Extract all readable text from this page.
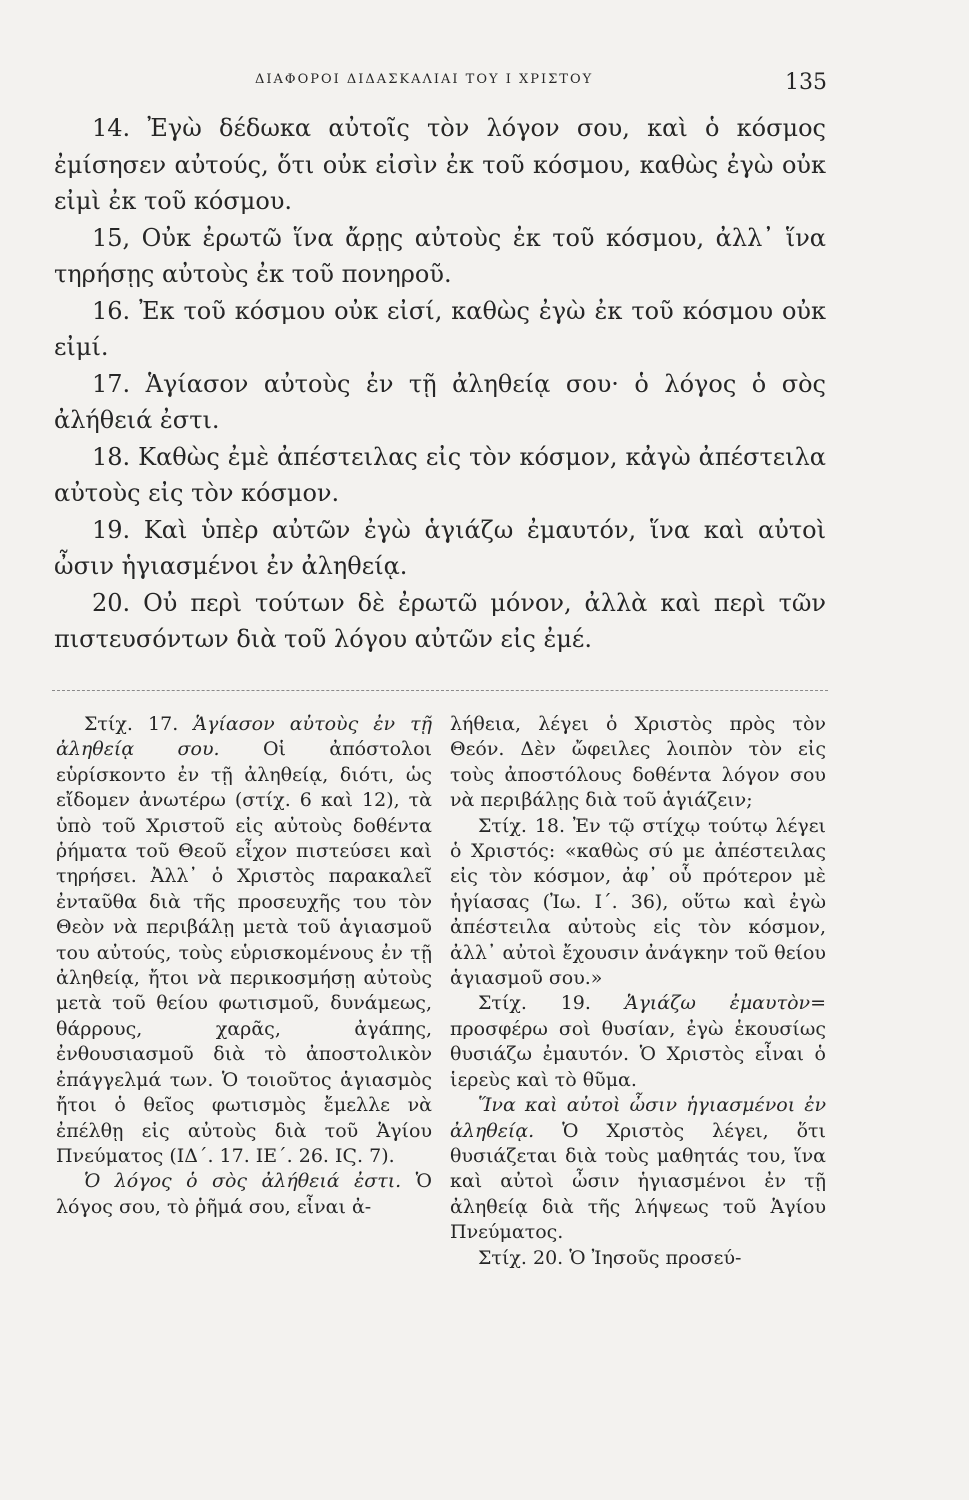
ΔΙΑΦΟΡΟΙ ΔΙΔΑΣΚΑΛΙΑΙ ΤΟΥ Ι ΧΡΙΣΤΟΥ	135

14. Ἐγὼ δέδωκα αὐτοῖς τὸν λόγον σου, καὶ ὁ κόσμος ἐμίσησεν αὐτούς, ὅτι οὐκ εἰσὶν ἐκ τοῦ κόσμου, καθὼς ἐγὼ οὐκ εἰμὶ ἐκ τοῦ κόσμου.

15, Οὐκ ἐρωτῶ ἵνα ἄρῃς αὐτοὺς ἐκ τοῦ κόσμου, ἀλλ᾽ ἵνα τηρήσῃς αὐτοὺς ἐκ τοῦ πονηροῦ.

16. Ἐκ τοῦ κόσμου οὐκ εἰσί, καθὼς ἐγὼ ἐκ τοῦ κόσμου οὐκ εἰμί.

17. Ἁγίασον αὐτοὺς ἐν τῇ ἀληθείᾳ σου· ὁ λόγος ὁ σὸς ἀλήθειά ἐστι.

18. Καθὼς ἐμὲ ἀπέστειλας εἰς τὸν κόσμον, κἀγὼ ἀπέστειλα αὐτοὺς εἰς τὸν κόσμον.

19. Καὶ ὑπὲρ αὐτῶν ἐγὼ ἁγιάζω ἐμαυτόν, ἵνα καὶ αὐτοὶ ὦσιν ἡγιασμένοι ἐν ἀληθείᾳ.

20. Οὐ περὶ τούτων δὲ ἐρωτῶ μόνον, ἀλλὰ καὶ περὶ τῶν πιστευσόντων διὰ τοῦ λόγου αὐτῶν εἰς ἐμέ.

Στίχ. 17. Ἁγίασον αὐτοὺς ἐν τῇ ἀληθείᾳ σου. Οἱ ἀπόστολοι εὑρίσκοντο ἐν τῇ ἀληθείᾳ, διότι, ὡς εἴδομεν ἀνωτέρω (στίχ. 6 καὶ 12), τὰ ὑπὸ τοῦ Χριστοῦ εἰς αὐτοὺς δοθέντα ῥήματα τοῦ Θεοῦ εἶχον πιστεύσει καὶ τηρήσει. Ἀλλ᾽ ὁ Χριστὸς παρακαλεῖ ἐνταῦθα διὰ τῆς προσευχῆς του τὸν Θεὸν νὰ περιβάλῃ μετὰ τοῦ ἁγιασμοῦ του αὐτούς, τοὺς εὑρισκομένους ἐν τῇ ἀληθείᾳ, ἤτοι νὰ περικοσμήσῃ αὐτοὺς μετὰ τοῦ θείου φωτισμοῦ, δυνάμεως, θάρρους, χαρᾶς, ἀγάπης, ἐνθουσιασμοῦ διὰ τὸ ἀποστολικὸν ἐπάγγελμά των. Ὁ τοιοῦτος ἁγιασμὸς ἤτοι ὁ θεῖος φωτισμὸς ἔμελλε νὰ ἐπέλθῃ εἰς αὐτοὺς διὰ τοῦ Ἁγίου Πνεύματος (ΙΔ΄. 17. ΙΕ΄. 26. ΙϚ. 7).

Ὁ λόγος ὁ σὸς ἀλήθειά ἐστι. Ὁ λόγος σου, τὸ ῥῆμά σου, εἶναι ἀ-

λήθεια, λέγει ὁ Χριστὸς πρὸς τὸν Θεόν. Δὲν ὤφειλες λοιπὸν τὸν εἰς τοὺς ἀποστόλους δοθέντα λόγον σου νὰ περιβάλῃς διὰ τοῦ ἁγιάζειν;

Στίχ. 18. Ἐν τῷ στίχῳ τούτῳ λέγει ὁ Χριστός: «καθὼς σύ με ἀπέστειλας εἰς τὸν κόσμον, ἀφ᾽ οὗ πρότερον μὲ ἡγίασας (Ἰω. Ι΄. 36), οὕτω καὶ ἐγὼ ἀπέστειλα αὐτοὺς εἰς τὸν κόσμον, ἀλλ᾽ αὐτοὶ ἔχουσιν ἀνάγκην τοῦ θείου ἁγιασμοῦ σου.»

Στίχ. 19. Ἁγιάζω ἐμαυτὸν= προσφέρω σοὶ θυσίαν, ἐγὼ ἑκουσίως θυσιάζω ἐμαυτόν. Ὁ Χριστὸς εἶναι ὁ ἱερεὺς καὶ τὸ θῦμα.

Ἵνα καὶ αὐτοὶ ὦσιν ἡγιασμένοι ἐν ἀληθείᾳ. Ὁ Χριστὸς λέγει, ὅτι θυσιάζεται διὰ τοὺς μαθητάς του, ἵνα καὶ αὐτοὶ ὦσιν ἡγιασμένοι ἐν τῇ ἀληθείᾳ διὰ τῆς λήψεως τοῦ Ἁγίου Πνεύματος.

Στίχ. 20. Ὁ Ἰησοῦς προσεύ-
